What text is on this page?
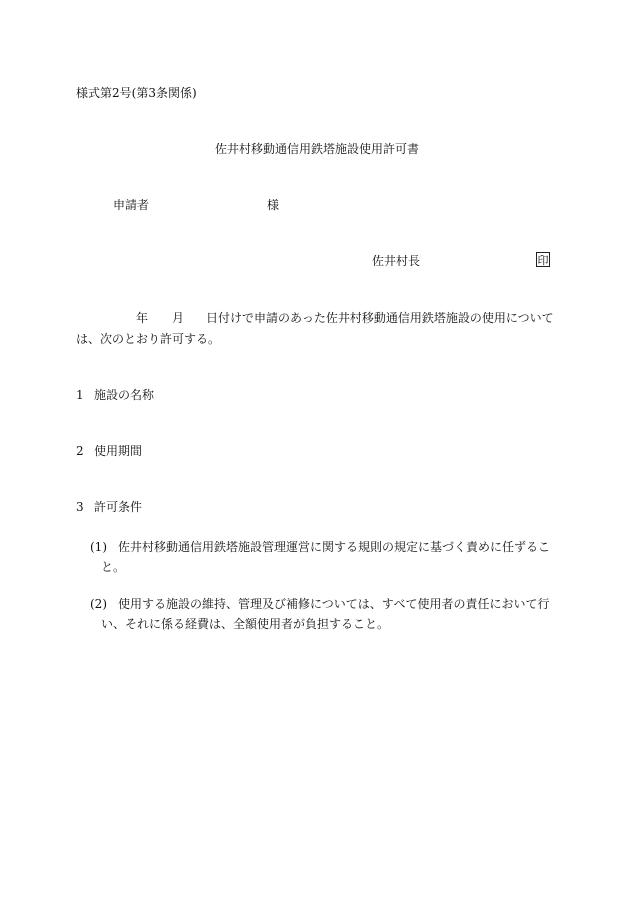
様式第2号(第3条関係)
佐井村移動通信用鉄塔施設使用許可書
申請者	様
佐井村長	印
年 月 日付けで申請のあった佐井村移動通信用鉄塔施設の使用について
は、次のとおり許可する。
1 施設の名称
2 使用期間
3 許可条件
(1) 佐井村移動通信用鉄塔施設管理運営に関する規則の規定に基づく責めに任ずるこ
と。
(2) 使用する施設の維持、管理及び補修については、すべて使用者の責任において行
い、それに係る経費は、全額使用者が負担すること。
